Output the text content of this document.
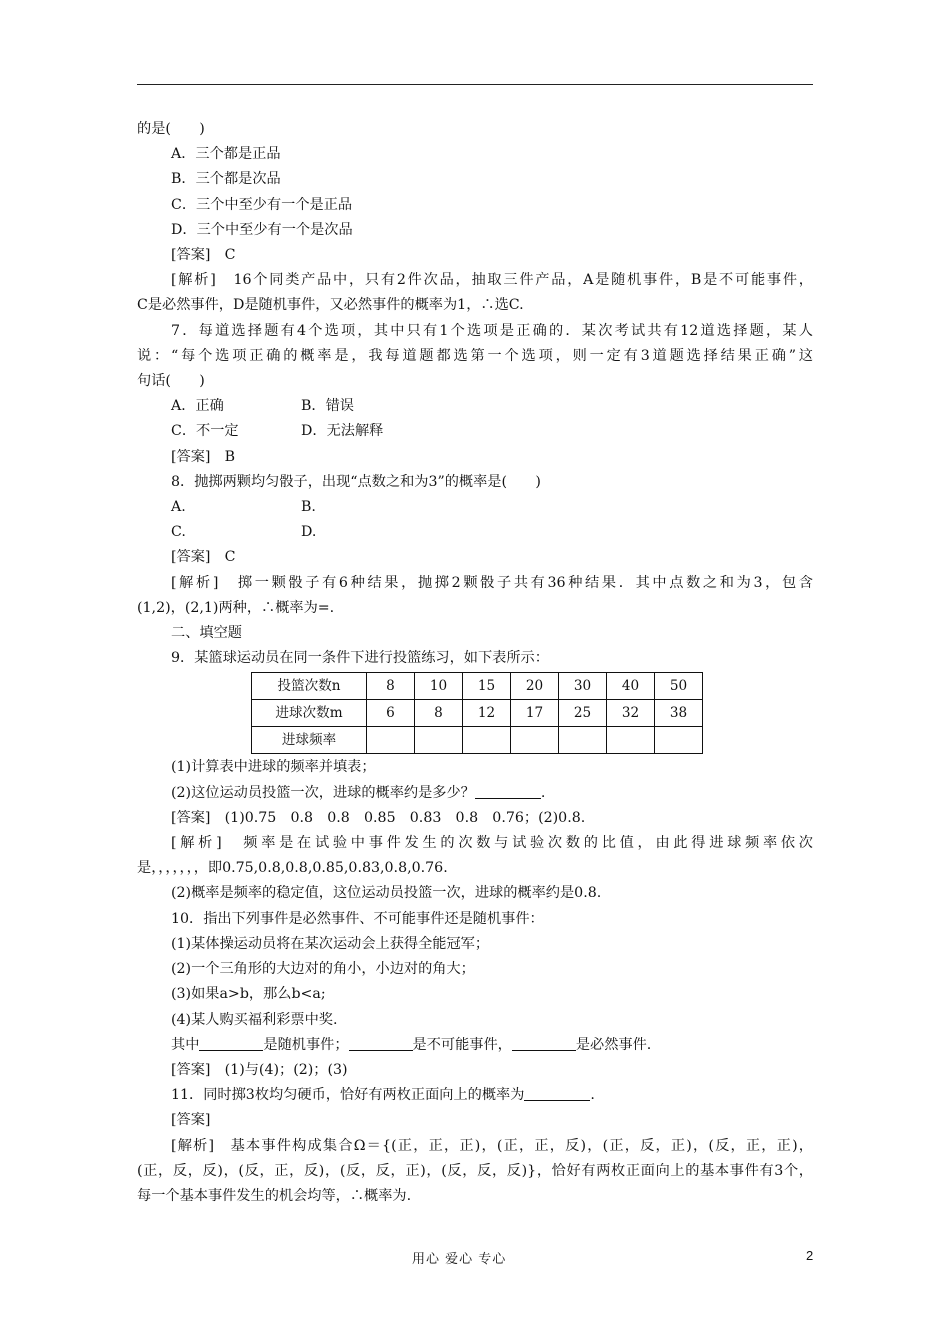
的是(　　)
A．三个都是正品
B．三个都是次品
C．三个中至少有一个是正品
D．三个中至少有一个是次品
[答案]　C
[解析]　16个同类产品中，只有2件次品，抽取三件产品，A是随机事件，B是不可能事件，
C是必然事件，D是随机事件，又必然事件的概率为1，∴选C.
7．每道选择题有4个选项，其中只有1个选项是正确的．某次考试共有12道选择题，某人
说：“每个选项正确的概率是，我每道题都选第一个选项，则一定有3道题选择结果正确”这
句话(　　)
A．正确	B．错误
C．不一定	D．无法解释
[答案]　B
8．抛掷两颗均匀骰子，出现“点数之和为3”的概率是(　　)
A.	B.
C.	D.
[答案]　C
[解析]　掷一颗骰子有6种结果，抛掷2颗骰子共有36种结果．其中点数之和为3，包含
(1,2)，(2,1)两种，∴概率为=.
二、填空题
9．某篮球运动员在同一条件下进行投篮练习，如下表所示：
投篮次数n	8	10	15	20	30	40	50
进球次数m	6	8	12	17	25	32	38
进球频率							
(1)计算表中进球的频率并填表；
(2)这位运动员投篮一次，进球的概率约是多少？	.
[答案]　(1)0.75　0.8　0.8　0.85　0.83　0.8　0.76；(2)0.8.
[解析]　频率是在试验中事件发生的次数与试验次数的比值，由此得进球频率依次
是，，，，，，，即0.75,0.8,0.8,0.85,0.83,0.8,0.76.
(2)概率是频率的稳定值，这位运动员投篮一次，进球的概率约是0.8.
10．指出下列事件是必然事件、不可能事件还是随机事件：
(1)某体操运动员将在某次运动会上获得全能冠军；
(2)一个三角形的大边对的角小，小边对的角大；
(3)如果a>b，那么b<a;
(4)某人购买福利彩票中奖.
其中	是随机事件；	是不可能事件，	是必然事件.
[答案]　(1)与(4)；(2)；(3)
11．同时掷3枚均匀硬币，恰好有两枚正面向上的概率为	.
[答案]
[解析]　基本事件构成集合Ω＝{(正，正，正)，(正，正，反)，(正，反，正)，(反，正，正)，
(正，反，反)，(反，正，反)，(反，反，正)，(反，反，反)}，恰好有两枚正面向上的基本事件有3个，
每一个基本事件发生的机会均等，∴概率为.
用心 爱心 专心	2
